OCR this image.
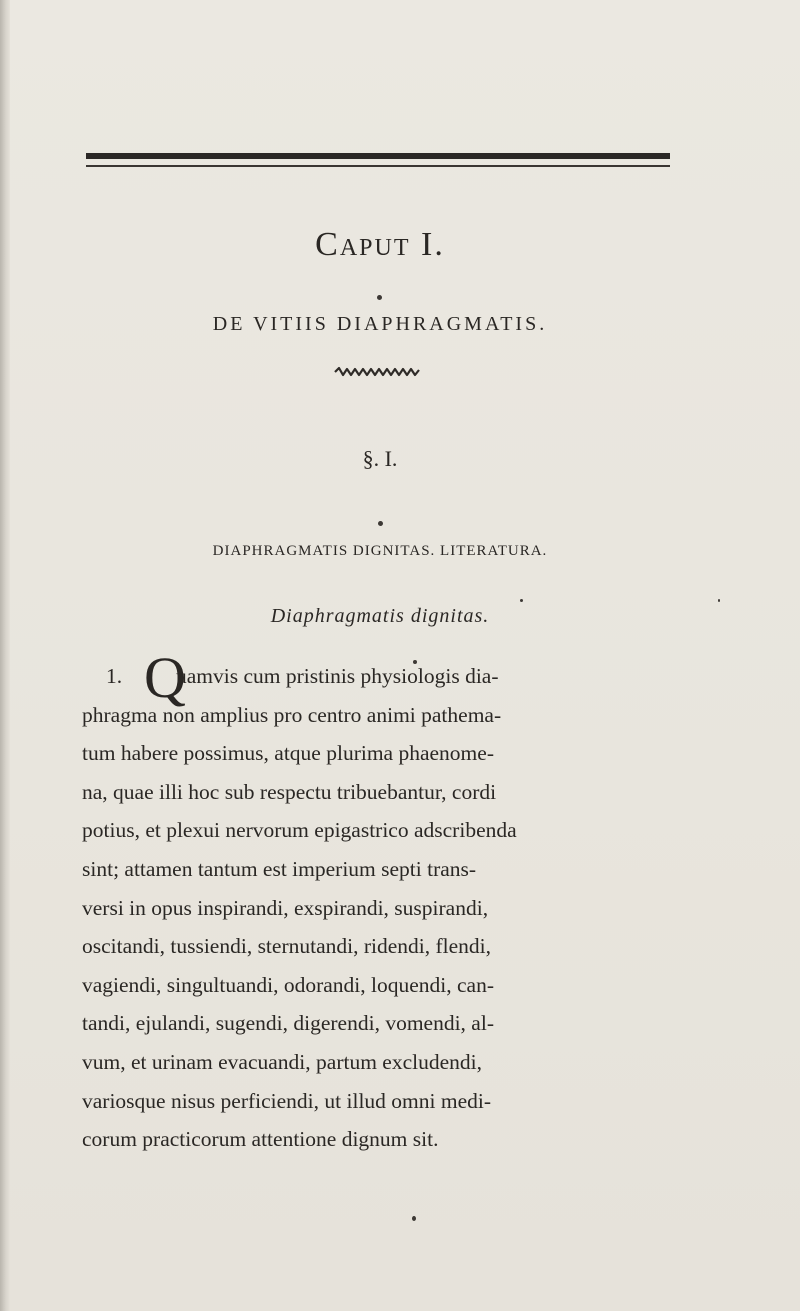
Caput I.
DE VITIIS DIAPHRAGMATIS.
§. I.
DIAPHRAGMATIS DIGNITAS. LITERATURA.
Diaphragmatis dignitas.
1. Q
uamvis cum pristinis physiologis dia-
phragma non amplius pro centro animi pathema-
tum habere possimus, atque plurima phaenome-
na, quae illi hoc sub respectu tribuebantur, cordi
potius, et plexui nervorum epigastrico adscribenda
sint; attamen tantum est imperium septi trans-
versi in opus inspirandi, exspirandi, suspirandi,
oscitandi, tussiendi, sternutandi, ridendi, flendi,
vagiendi, singultuandi, odorandi, loquendi, can-
tandi, ejulandi, sugendi, digerendi, vomendi, al-
vum, et urinam evacuandi, partum excludendi,
variosque nisus perficiendi, ut illud omni medi-
corum practicorum attentione dignum sit.
